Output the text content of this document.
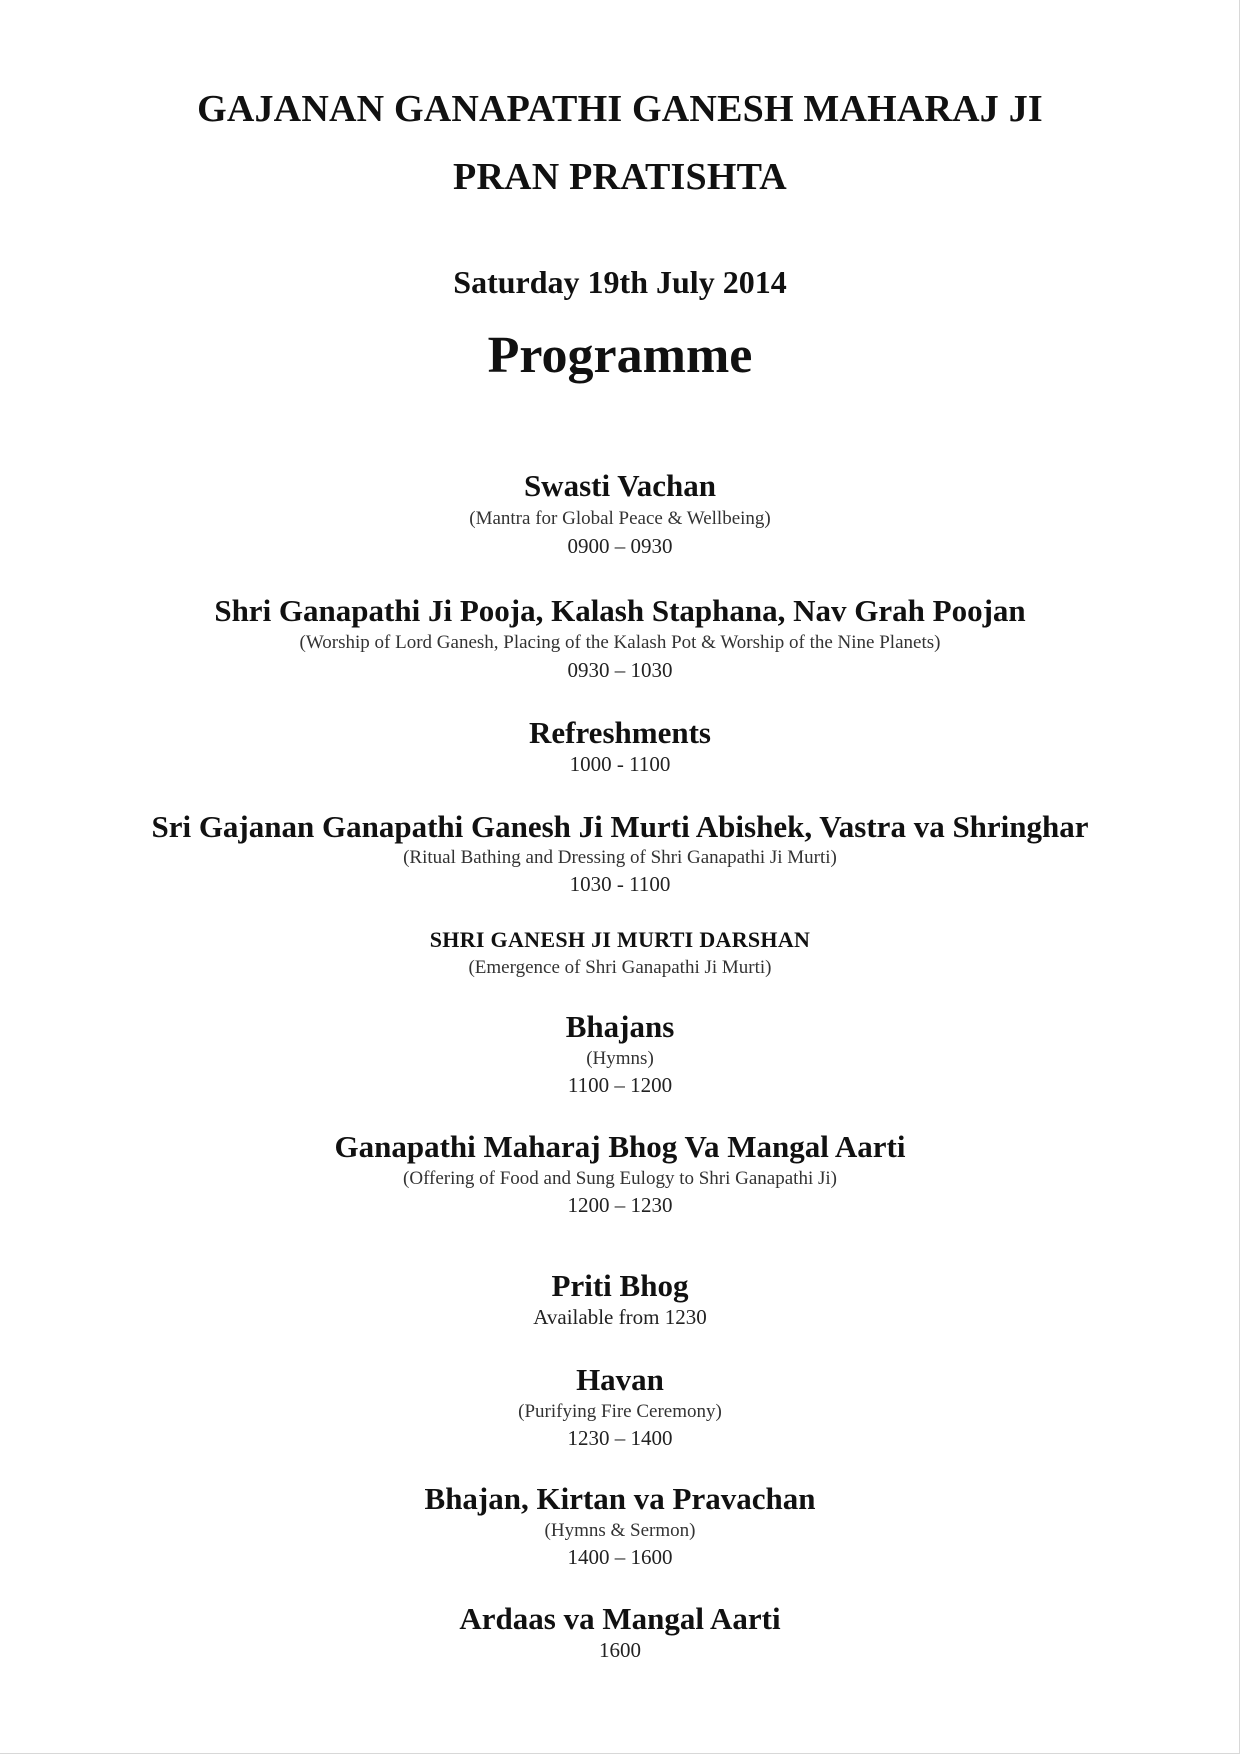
GAJANAN GANAPATHI GANESH MAHARAJ JI
PRAN PRATISHTA
Saturday 19th July 2014
Programme
Swasti Vachan
(Mantra for Global Peace & Wellbeing)
0900 – 0930
Shri Ganapathi Ji Pooja, Kalash Staphana, Nav Grah Poojan
(Worship of Lord Ganesh, Placing of the Kalash Pot & Worship of the Nine Planets)
0930 – 1030
Refreshments
1000 - 1100
Sri Gajanan Ganapathi Ganesh Ji Murti Abishek, Vastra va Shringhar
(Ritual Bathing and Dressing of Shri Ganapathi Ji Murti)
1030 - 1100
SHRI GANESH JI MURTI DARSHAN
(Emergence of Shri Ganapathi Ji Murti)
Bhajans
(Hymns)
1100 – 1200
Ganapathi Maharaj Bhog Va Mangal Aarti
(Offering of Food and Sung Eulogy to Shri Ganapathi Ji)
1200 – 1230
Priti Bhog
Available from 1230
Havan
(Purifying Fire Ceremony)
1230 – 1400
Bhajan, Kirtan va Pravachan
(Hymns & Sermon)
1400 – 1600
Ardaas va Mangal Aarti
1600
